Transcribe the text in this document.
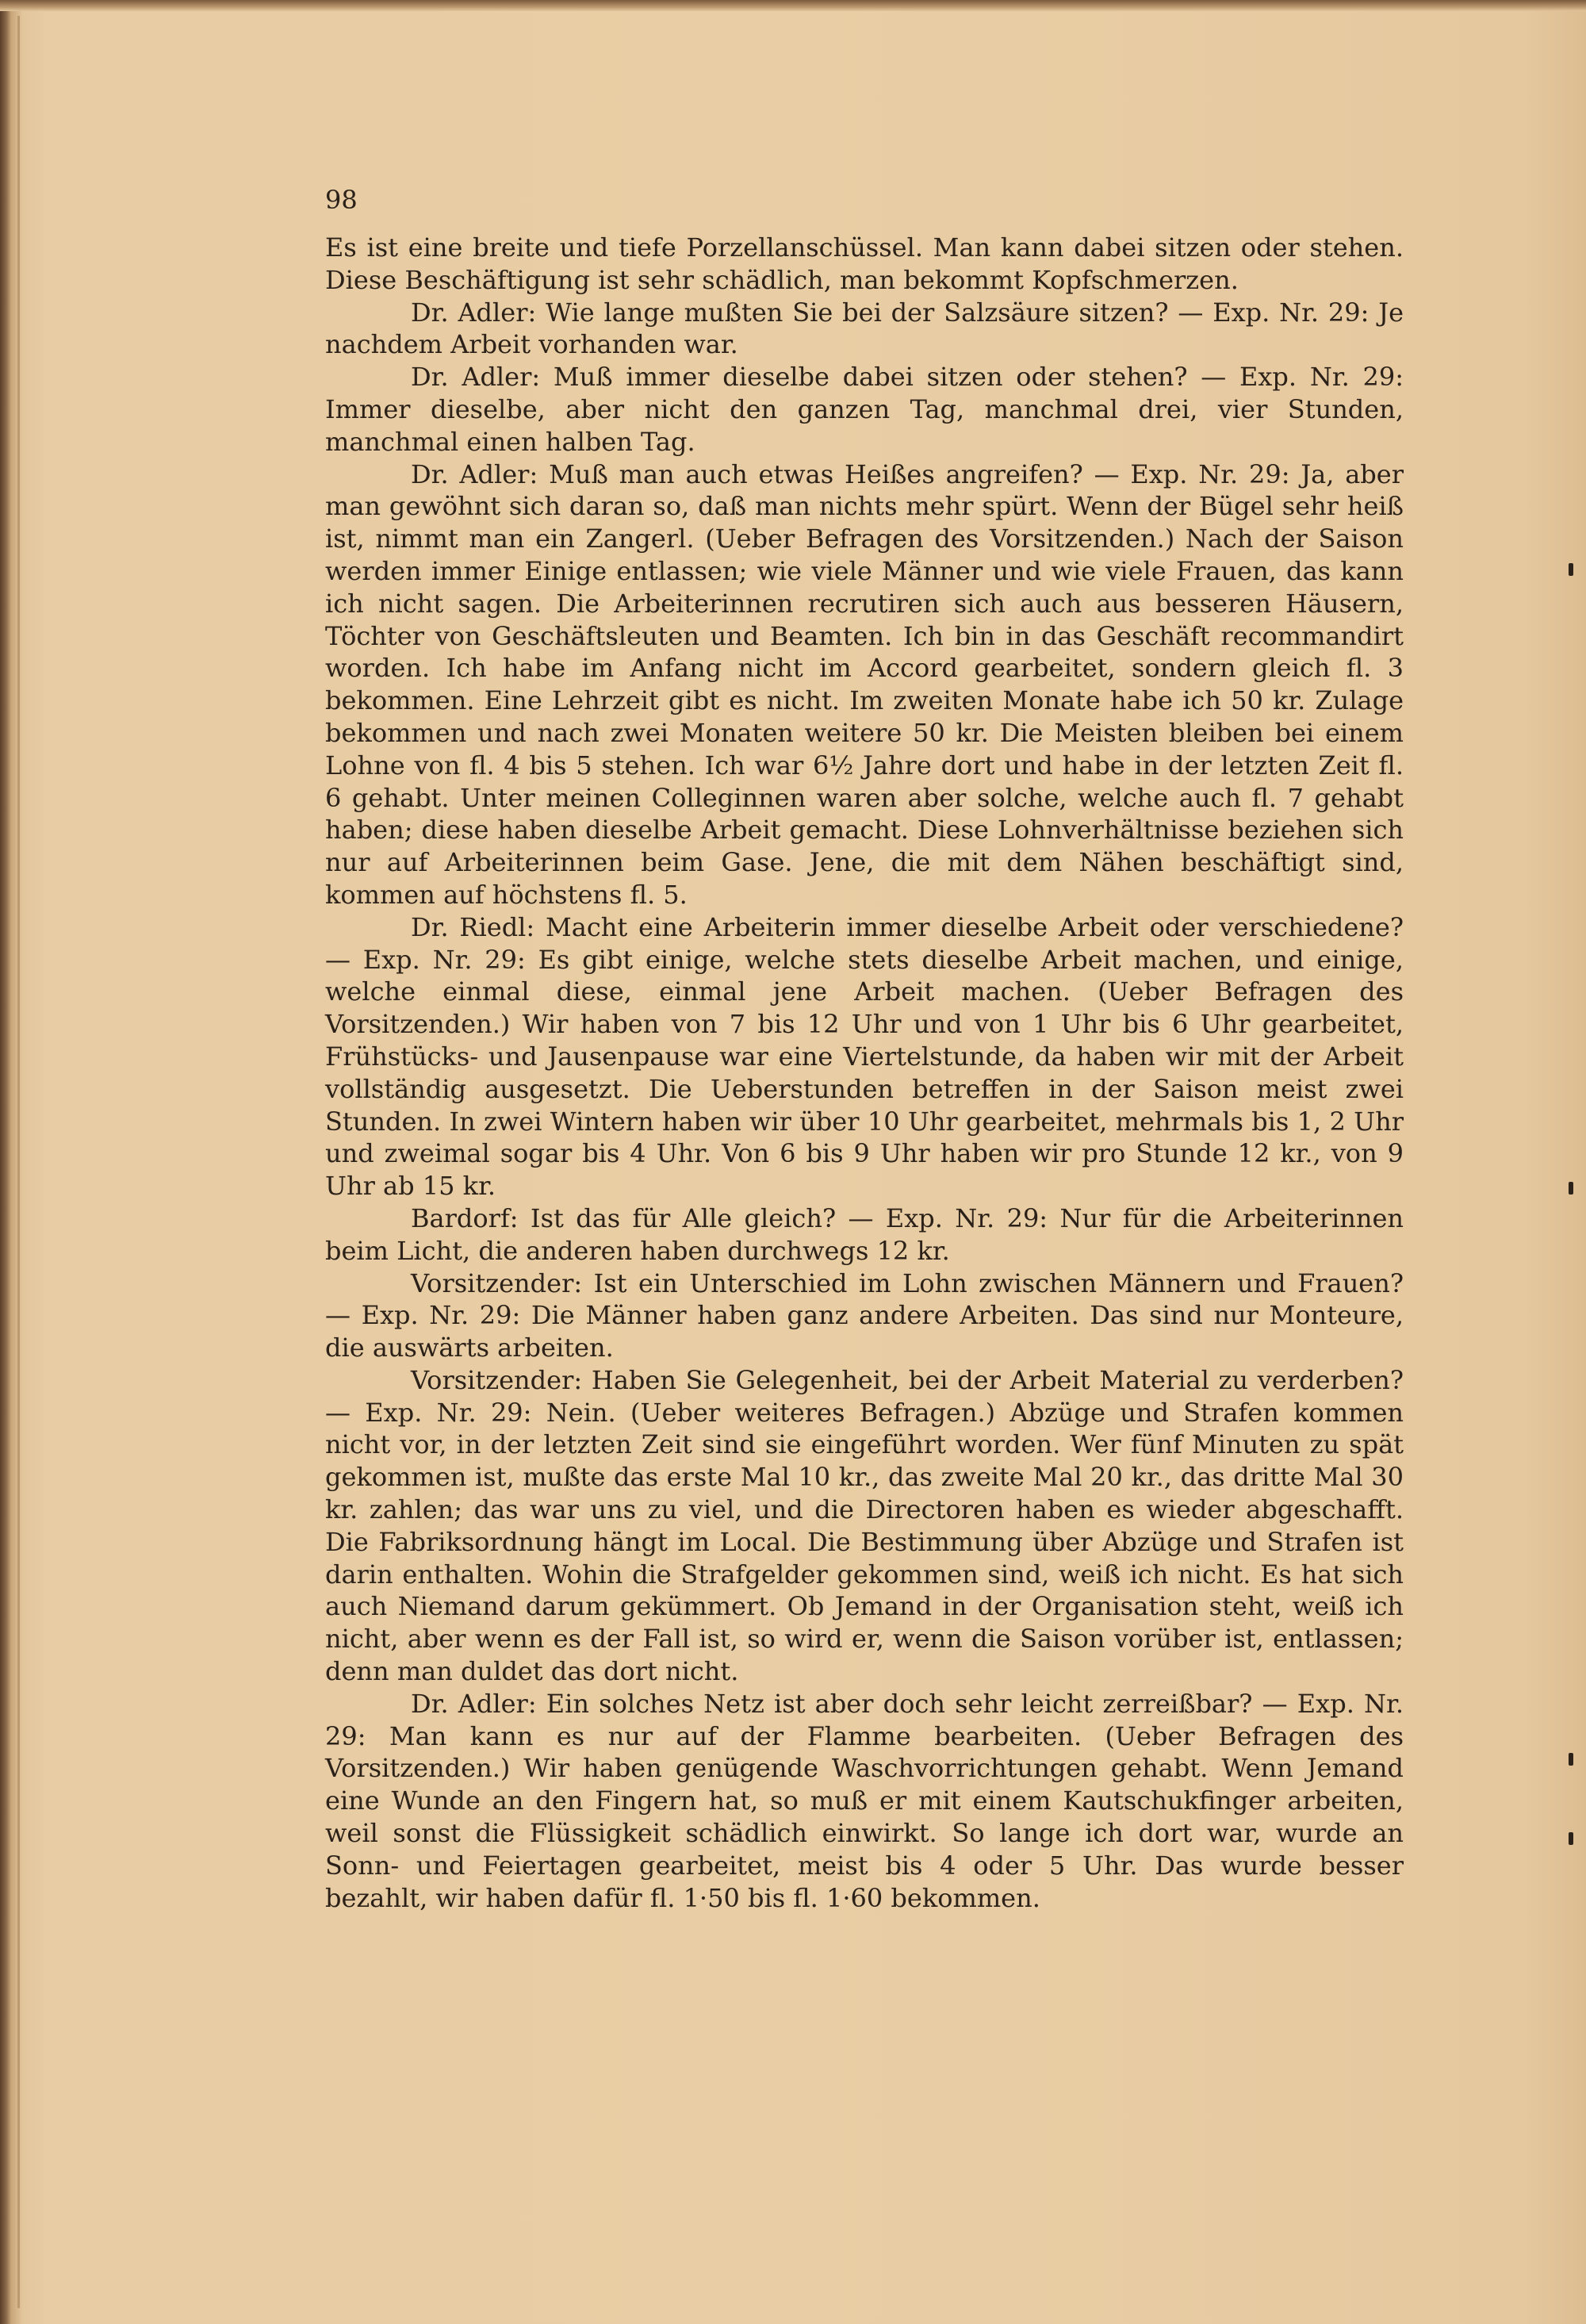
98

Es ist eine breite und tiefe Porzellanschüssel. Man kann dabei sitzen oder stehen. Diese Beschäftigung ist sehr schädlich, man bekommt Kopfschmerzen.

Dr. Adler: Wie lange mußten Sie bei der Salzsäure sitzen? — Exp. Nr. 29: Je nachdem Arbeit vorhanden war.

Dr. Adler: Muß immer dieselbe dabei sitzen oder stehen? — Exp. Nr. 29: Immer dieselbe, aber nicht den ganzen Tag, manchmal drei, vier Stunden, manchmal einen halben Tag.

Dr. Adler: Muß man auch etwas Heißes angreifen? — Exp. Nr. 29: Ja, aber man gewöhnt sich daran so, daß man nichts mehr spürt. Wenn der Bügel sehr heiß ist, nimmt man ein Zangerl. (Ueber Befragen des Vorsitzenden.) Nach der Saison werden immer Einige entlassen; wie viele Männer und wie viele Frauen, das kann ich nicht sagen. Die Arbeiterinnen recrutiren sich auch aus besseren Häusern, Töchter von Geschäftsleuten und Beamten. Ich bin in das Geschäft recommandirt worden. Ich habe im Anfang nicht im Accord gearbeitet, sondern gleich fl. 3 bekommen. Eine Lehrzeit gibt es nicht. Im zweiten Monate habe ich 50 kr. Zulage bekommen und nach zwei Monaten weitere 50 kr. Die Meisten bleiben bei einem Lohne von fl. 4 bis 5 stehen. Ich war 6½ Jahre dort und habe in der letzten Zeit fl. 6 gehabt. Unter meinen Colleginnen waren aber solche, welche auch fl. 7 gehabt haben; diese haben dieselbe Arbeit gemacht. Diese Lohnverhältnisse beziehen sich nur auf Arbeiterinnen beim Gase. Jene, die mit dem Nähen beschäftigt sind, kommen auf höchstens fl. 5.

Dr. Riedl: Macht eine Arbeiterin immer dieselbe Arbeit oder verschiedene? — Exp. Nr. 29: Es gibt einige, welche stets dieselbe Arbeit machen, und einige, welche einmal diese, einmal jene Arbeit machen. (Ueber Befragen des Vorsitzenden.) Wir haben von 7 bis 12 Uhr und von 1 Uhr bis 6 Uhr gearbeitet, Frühstücks- und Jausenpause war eine Viertelstunde, da haben wir mit der Arbeit vollständig ausgesetzt. Die Ueberstunden betreffen in der Saison meist zwei Stunden. In zwei Wintern haben wir über 10 Uhr gearbeitet, mehrmals bis 1, 2 Uhr und zweimal sogar bis 4 Uhr. Von 6 bis 9 Uhr haben wir pro Stunde 12 kr., von 9 Uhr ab 15 kr.

Bardorf: Ist das für Alle gleich? — Exp. Nr. 29: Nur für die Arbeiterinnen beim Licht, die anderen haben durchwegs 12 kr.

Vorsitzender: Ist ein Unterschied im Lohn zwischen Männern und Frauen? — Exp. Nr. 29: Die Männer haben ganz andere Arbeiten. Das sind nur Monteure, die auswärts arbeiten.

Vorsitzender: Haben Sie Gelegenheit, bei der Arbeit Material zu verderben? — Exp. Nr. 29: Nein. (Ueber weiteres Befragen.) Abzüge und Strafen kommen nicht vor, in der letzten Zeit sind sie eingeführt worden. Wer fünf Minuten zu spät gekommen ist, mußte das erste Mal 10 kr., das zweite Mal 20 kr., das dritte Mal 30 kr. zahlen; das war uns zu viel, und die Directoren haben es wieder abgeschafft. Die Fabriksordnung hängt im Local. Die Bestimmung über Abzüge und Strafen ist darin enthalten. Wohin die Strafgelder gekommen sind, weiß ich nicht. Es hat sich auch Niemand darum gekümmert. Ob Jemand in der Organisation steht, weiß ich nicht, aber wenn es der Fall ist, so wird er, wenn die Saison vorüber ist, entlassen; denn man duldet das dort nicht.

Dr. Adler: Ein solches Netz ist aber doch sehr leicht zerreißbar? — Exp. Nr. 29: Man kann es nur auf der Flamme bearbeiten. (Ueber Befragen des Vorsitzenden.) Wir haben genügende Waschvorrichtungen gehabt. Wenn Jemand eine Wunde an den Fingern hat, so muß er mit einem Kautschukfinger arbeiten, weil sonst die Flüssigkeit schädlich einwirkt. So lange ich dort war, wurde an Sonn- und Feiertagen gearbeitet, meist bis 4 oder 5 Uhr. Das wurde besser bezahlt, wir haben dafür fl. 1·50 bis fl. 1·60 bekommen.
